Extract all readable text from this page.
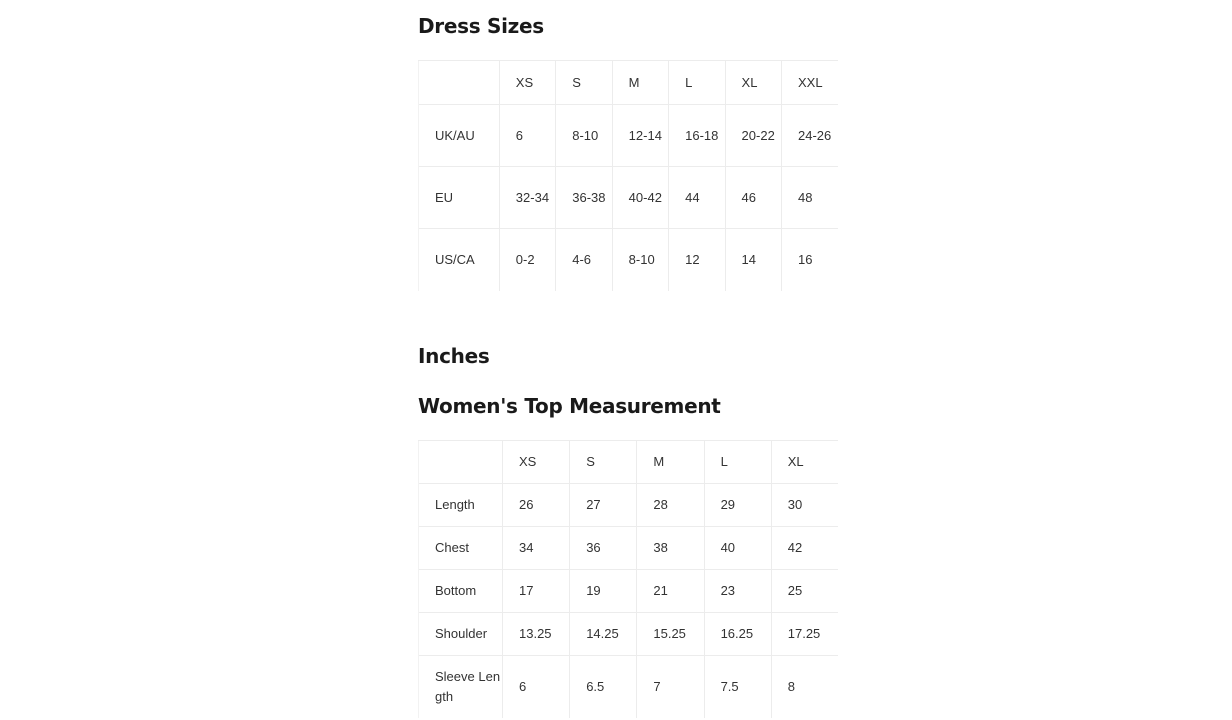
Dress Sizes
	XS	S	M	L	XL	XXL
UK/AU	6	8-10	12-14	16-18	20-22	24-26
EU	32-34	36-38	40-42	44	46	48
US/CA	0-2	4-6	8-10	12	14	16
Inches
Women's Top Measurement
	XS	S	M	L	XL
Length	26	27	28	29	30
Chest	34	36	38	40	42
Bottom	17	19	21	23	25
Shoulder	13.25	14.25	15.25	16.25	17.25
Sleeve Length	6	6.5	7	7.5	8
